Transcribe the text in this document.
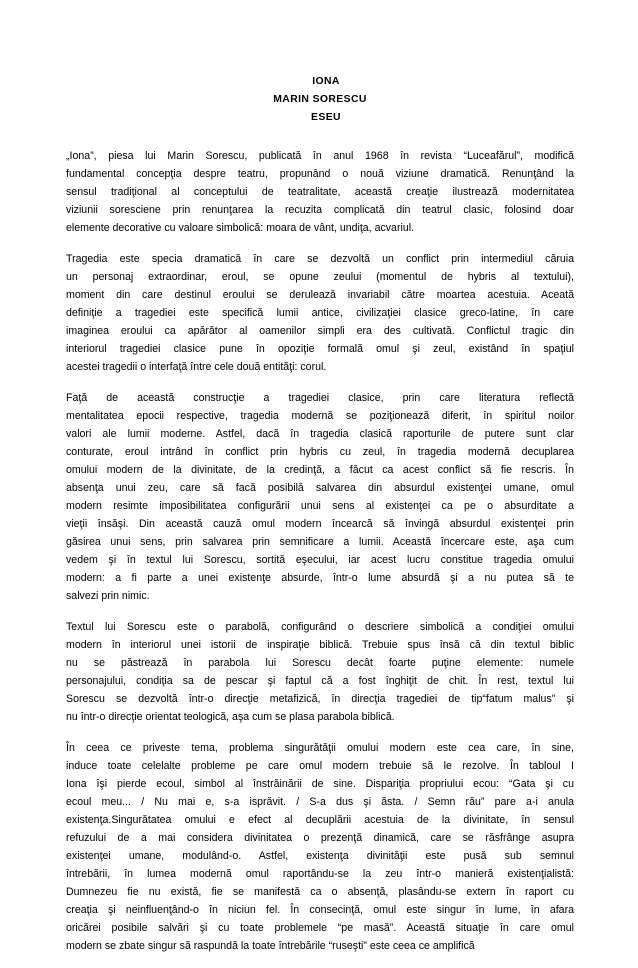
IONA
MARIN SORESCU
ESEU
„Iona”, piesa lui Marin Sorescu, publicată în anul 1968 în revista “Luceafărul”, modifică
fundamental concepţia despre teatru, propunând o nouă viziune dramatică. Renunţând la
sensul tradiţional al conceptului de teatralitate, această creaţie ilustrează modernitatea
viziunii soresciene prin renunţarea la recuzita complicată din teatrul clasic, folosind doar
elemente decorative cu valoare simbolică: moara de vânt, undiţa, acvariul.
Tragedia este specia dramatică în care se dezvoltă un conflict prin intermediul căruia
un personaj extraordinar, eroul, se opune zeului (momentul de hybris al textului),
moment din care destinul eroului se derulează invariabil către moartea acestuia. Aceată
definiţie a tragediei este specifică lumii antice, civilizaţiei clasice greco-latine, în care
imaginea eroului ca apărător al oamenilor simpli era des cultivată. Conflictul tragic din
interiorul tragediei clasice pune în opoziţie formală omul şi zeul, existând în spaţiul
acestei tragedii o interfaţă între cele două entităţi: corul.
Faţă de această construcţie a tragediei clasice, prin care literatura reflectă
mentalitatea epocii respective, tragedia modernă se poziţionează diferit, în spiritul noilor
valori ale lumii moderne. Astfel, dacă în tragedia clasică raporturile de putere sunt clar
conturate, eroul intrând în conflict prin hybris cu zeul, în tragedia modernă decuplarea
omului modern de la divinitate, de la credinţă, a făcut ca acest conflict să fie rescris. În
absenţa unui zeu, care să facă posibilă salvarea din absurdul existenţei umane, omul
modern resimte imposibilitatea configurării unui sens al existenţei ca pe o absurditate a
vieţii însăşi. Din această cauză omul modern încearcă să învingă absurdul existenţei prin
găsirea unui sens, prin salvarea prin semnificare a lumii. Această încercare este, aşa cum
vedem şi în textul lui Sorescu, sortită eşecului, iar acest lucru constitue tragedia omului
modern: a fi parte a unei existenţe absurde, într-o lume absurdă şi a nu putea să te
salvezi prin nimic.
Textul lui Sorescu este o parabolă, configurând o descriere simbolică a condiţiei omului
modern în interiorul unei istorii de inspiraţie biblică. Trebuie spus însă că din textul biblic
nu se păstrează în parabola lui Sorescu decât foarte puţine elemente: numele
personajului, condiţia sa de pescar şi faptul că a fost înghiţit de chit. În rest, textul lui
Sorescu se dezvoltă într-o direcţie metafizică, în direcţia tragediei de tip“fatum malus” şi
nu într-o direcţie orientat teologică, aşa cum se plasa parabola biblică.
În ceea ce priveste tema, problema singurătăţii omului modern este cea care, în sine,
induce toate celelalte probleme pe care omul modern trebuie să le rezolve. În tabloul I
Iona îşi pierde ecoul, simbol al înstrăinării de sine. Dispariţia propriului ecou: “Gata şi cu
ecoul meu... / Nu mai e, s-a isprăvit. / S-a dus şi ăsta. / Semn rău” pare a-i anula
existenţa.Singurătatea omului e efect al decuplării acestuia de la divinitate, în sensul
refuzului de a mai considera divinitatea o prezenţă dinamică, care se răsfrânge asupra
existenţei umane, modulând-o. Astfel, existenţa divinităţii este pusă sub semnul
întrebării, în lumea modernă omul raportându-se la zeu într-o manieră existenţialistă:
Dumnezeu fie nu există, fie se manifestă ca o absenţă, plasându-se extern în raport cu
creaţia şi neinfluenţând-o în niciun fel. În consecinţă, omul este singur în lume, în afara
oricărei posibile salvări şi cu toate problemele “pe masă”. Această situaţie în care omul
modern se zbate singur să raspundă la toate întrebările “ruseşti” este ceea ce amplifică
